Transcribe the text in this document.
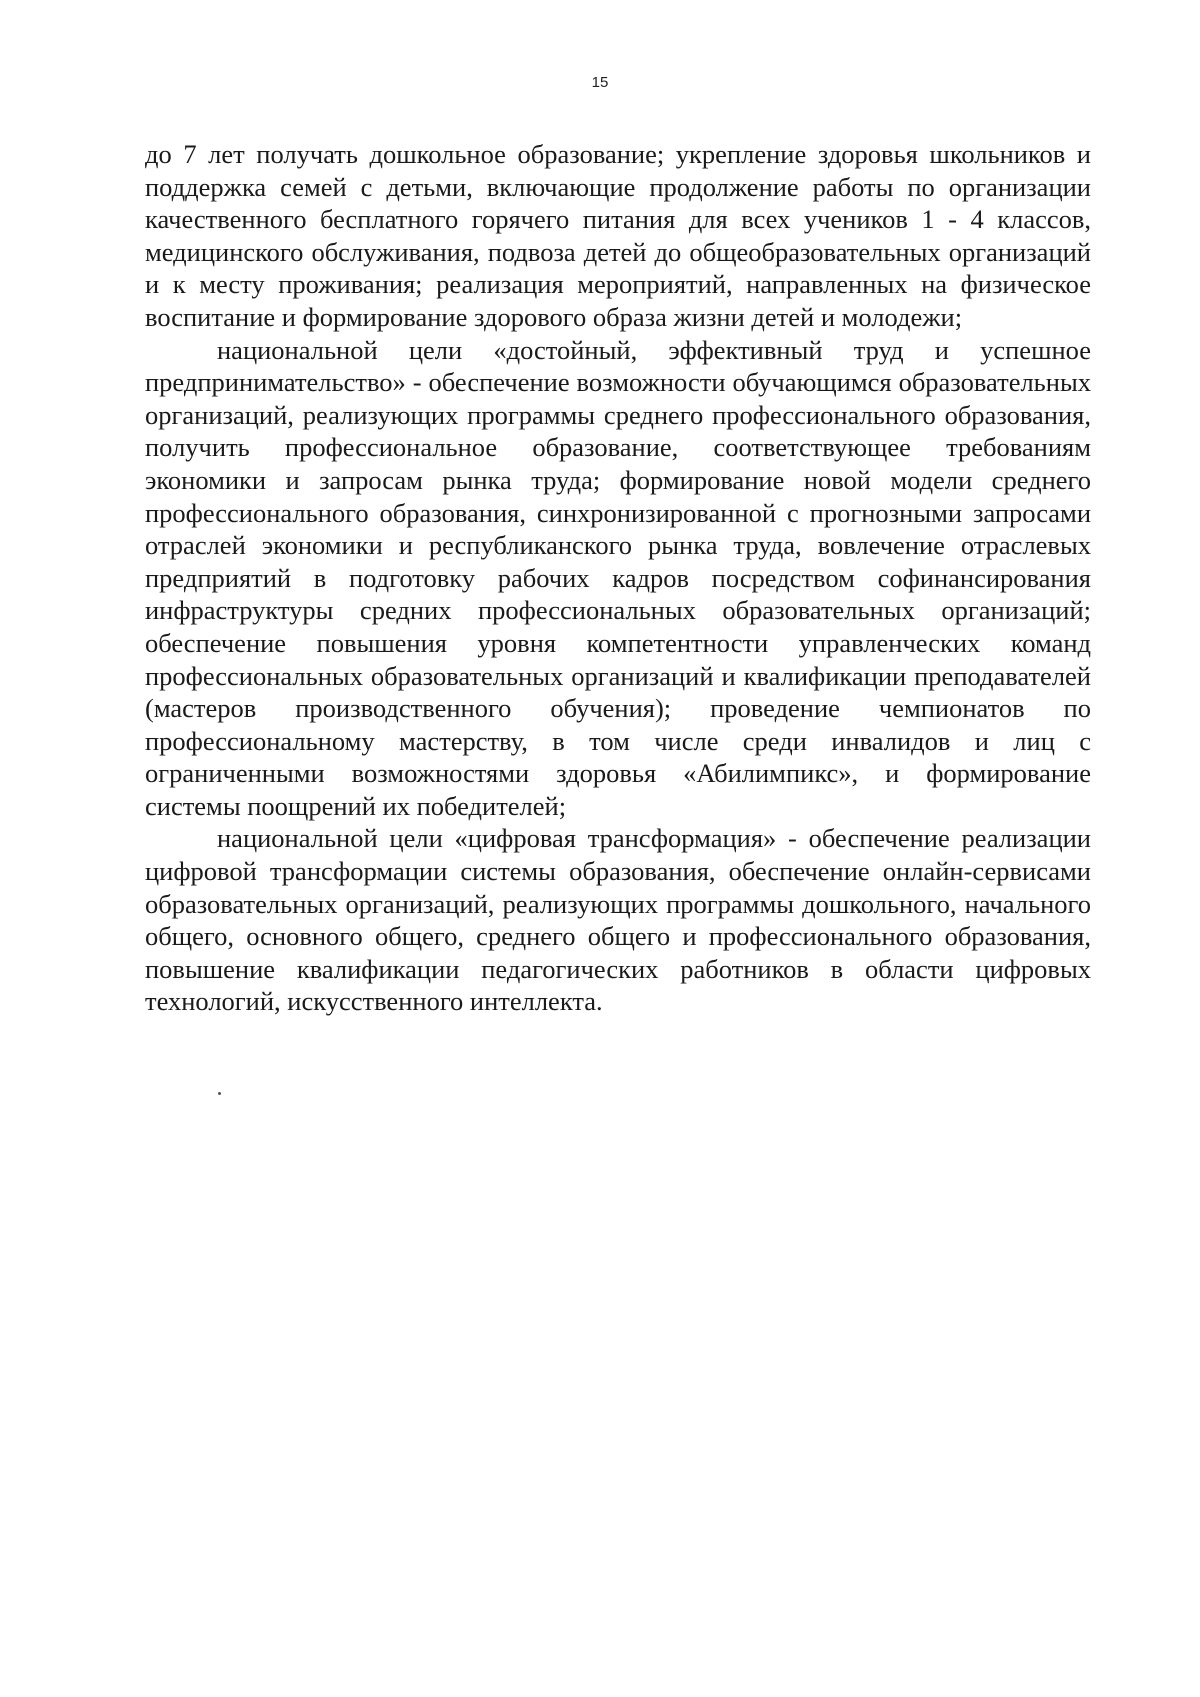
15

до 7 лет получать дошкольное образование; укрепление здоровья школьников и поддержка семей с детьми, включающие продолжение работы по организации качественного бесплатного горячего питания для всех учеников 1 - 4 классов, медицинского обслуживания, подвоза детей до общеобразовательных организаций и к месту проживания; реализация мероприятий, направленных на физическое воспитание и формирование здорового образа жизни детей и молодежи;

национальной цели «достойный, эффективный труд и успешное предпринимательство» - обеспечение возможности обучающимся образовательных организаций, реализующих программы среднего профессионального образования, получить профессиональное образование, соответствующее требованиям экономики и запросам рынка труда; формирование новой модели среднего профессионального образования, синхронизированной с прогнозными запросами отраслей экономики и республиканского рынка труда, вовлечение отраслевых предприятий в подготовку рабочих кадров посредством софинансирования инфраструктуры средних профессиональных образовательных организаций; обеспечение повышения уровня компетентности управленческих команд профессиональных образовательных организаций и квалификации преподавателей (мастеров производственного обучения); проведение чемпионатов по профессиональному мастерству, в том числе среди инвалидов и лиц с ограниченными возможностями здоровья «Абилимпикс», и формирование системы поощрений их победителей;

национальной цели «цифровая трансформация» - обеспечение реализации цифровой трансформации системы образования, обеспечение онлайн-сервисами образовательных организаций, реализующих программы дошкольного, начального общего, основного общего, среднего общего и профессионального образования, повышение квалификации педагогических работников в области цифровых технологий, искусственного интеллекта.
